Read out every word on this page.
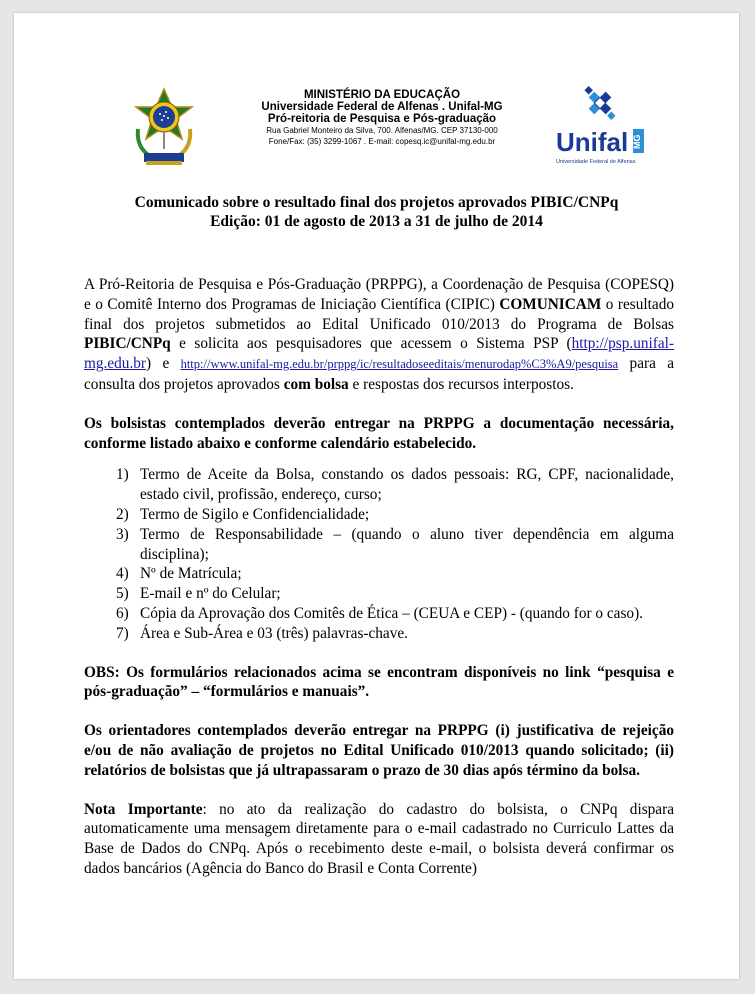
MINISTÉRIO DA EDUCAÇÃO
Universidade Federal de Alfenas . Unifal-MG
Pró-reitoria de Pesquisa e Pós-graduação
Rua Gabriel Monteiro da Silva, 700. Alfenas/MG. CEP 37130-000
Fone/Fax: (35) 3299-1067 . E-mail: copesq.ic@unifal-mg.edu.br	Unifal MG
Universidade Federal de Alfenas
Comunicado sobre o resultado final dos projetos aprovados PIBIC/CNPq
Edição: 01 de agosto de 2013 a 31 de julho de 2014

A Pró-Reitoria de Pesquisa e Pós-Graduação (PRPPG), a Coordenação de Pesquisa (COPESQ) e o Comitê Interno dos Programas de Iniciação Científica (CIPIC) COMUNICAM o resultado final dos projetos submetidos ao Edital Unificado 010/2013 do Programa de Bolsas PIBIC/CNPq e solicita aos pesquisadores que acessem o Sistema PSP (http://psp.unifal-mg.edu.br) e http://www.unifal-mg.edu.br/prppg/ic/resultadoseeditais/menurodap%C3%A9/pesquisa para a consulta dos projetos aprovados com bolsa e respostas dos recursos interpostos.

Os bolsistas contemplados deverão entregar na PRPPG a documentação necessária, conforme listado abaixo e conforme calendário estabelecido.

1) Termo de Aceite da Bolsa, constando os dados pessoais: RG, CPF, nacionalidade, estado civil, profissão, endereço, curso;
2) Termo de Sigilo e Confidencialidade;
3) Termo de Responsabilidade – (quando o aluno tiver dependência em alguma disciplina);
4) Nº de Matrícula;
5) E-mail e nº do Celular;
6) Cópia da Aprovação dos Comitês de Ética – (CEUA e CEP) - (quando for o caso).
7) Área e Sub-Área e 03 (três) palavras-chave.

OBS: Os formulários relacionados acima se encontram disponíveis no link “pesquisa e pós-graduação” – “formulários e manuais”.

Os orientadores contemplados deverão entregar na PRPPG (i) justificativa de rejeição e/ou de não avaliação de projetos no Edital Unificado 010/2013 quando solicitado; (ii) relatórios de bolsistas que já ultrapassaram o prazo de 30 dias após término da bolsa.

Nota Importante: no ato da realização do cadastro do bolsista, o CNPq dispara automaticamente uma mensagem diretamente para o e-mail cadastrado no Curriculo Lattes da Base de Dados do CNPq. Após o recebimento deste e-mail, o bolsista deverá confirmar os dados bancários (Agência do Banco do Brasil e Conta Corrente)
